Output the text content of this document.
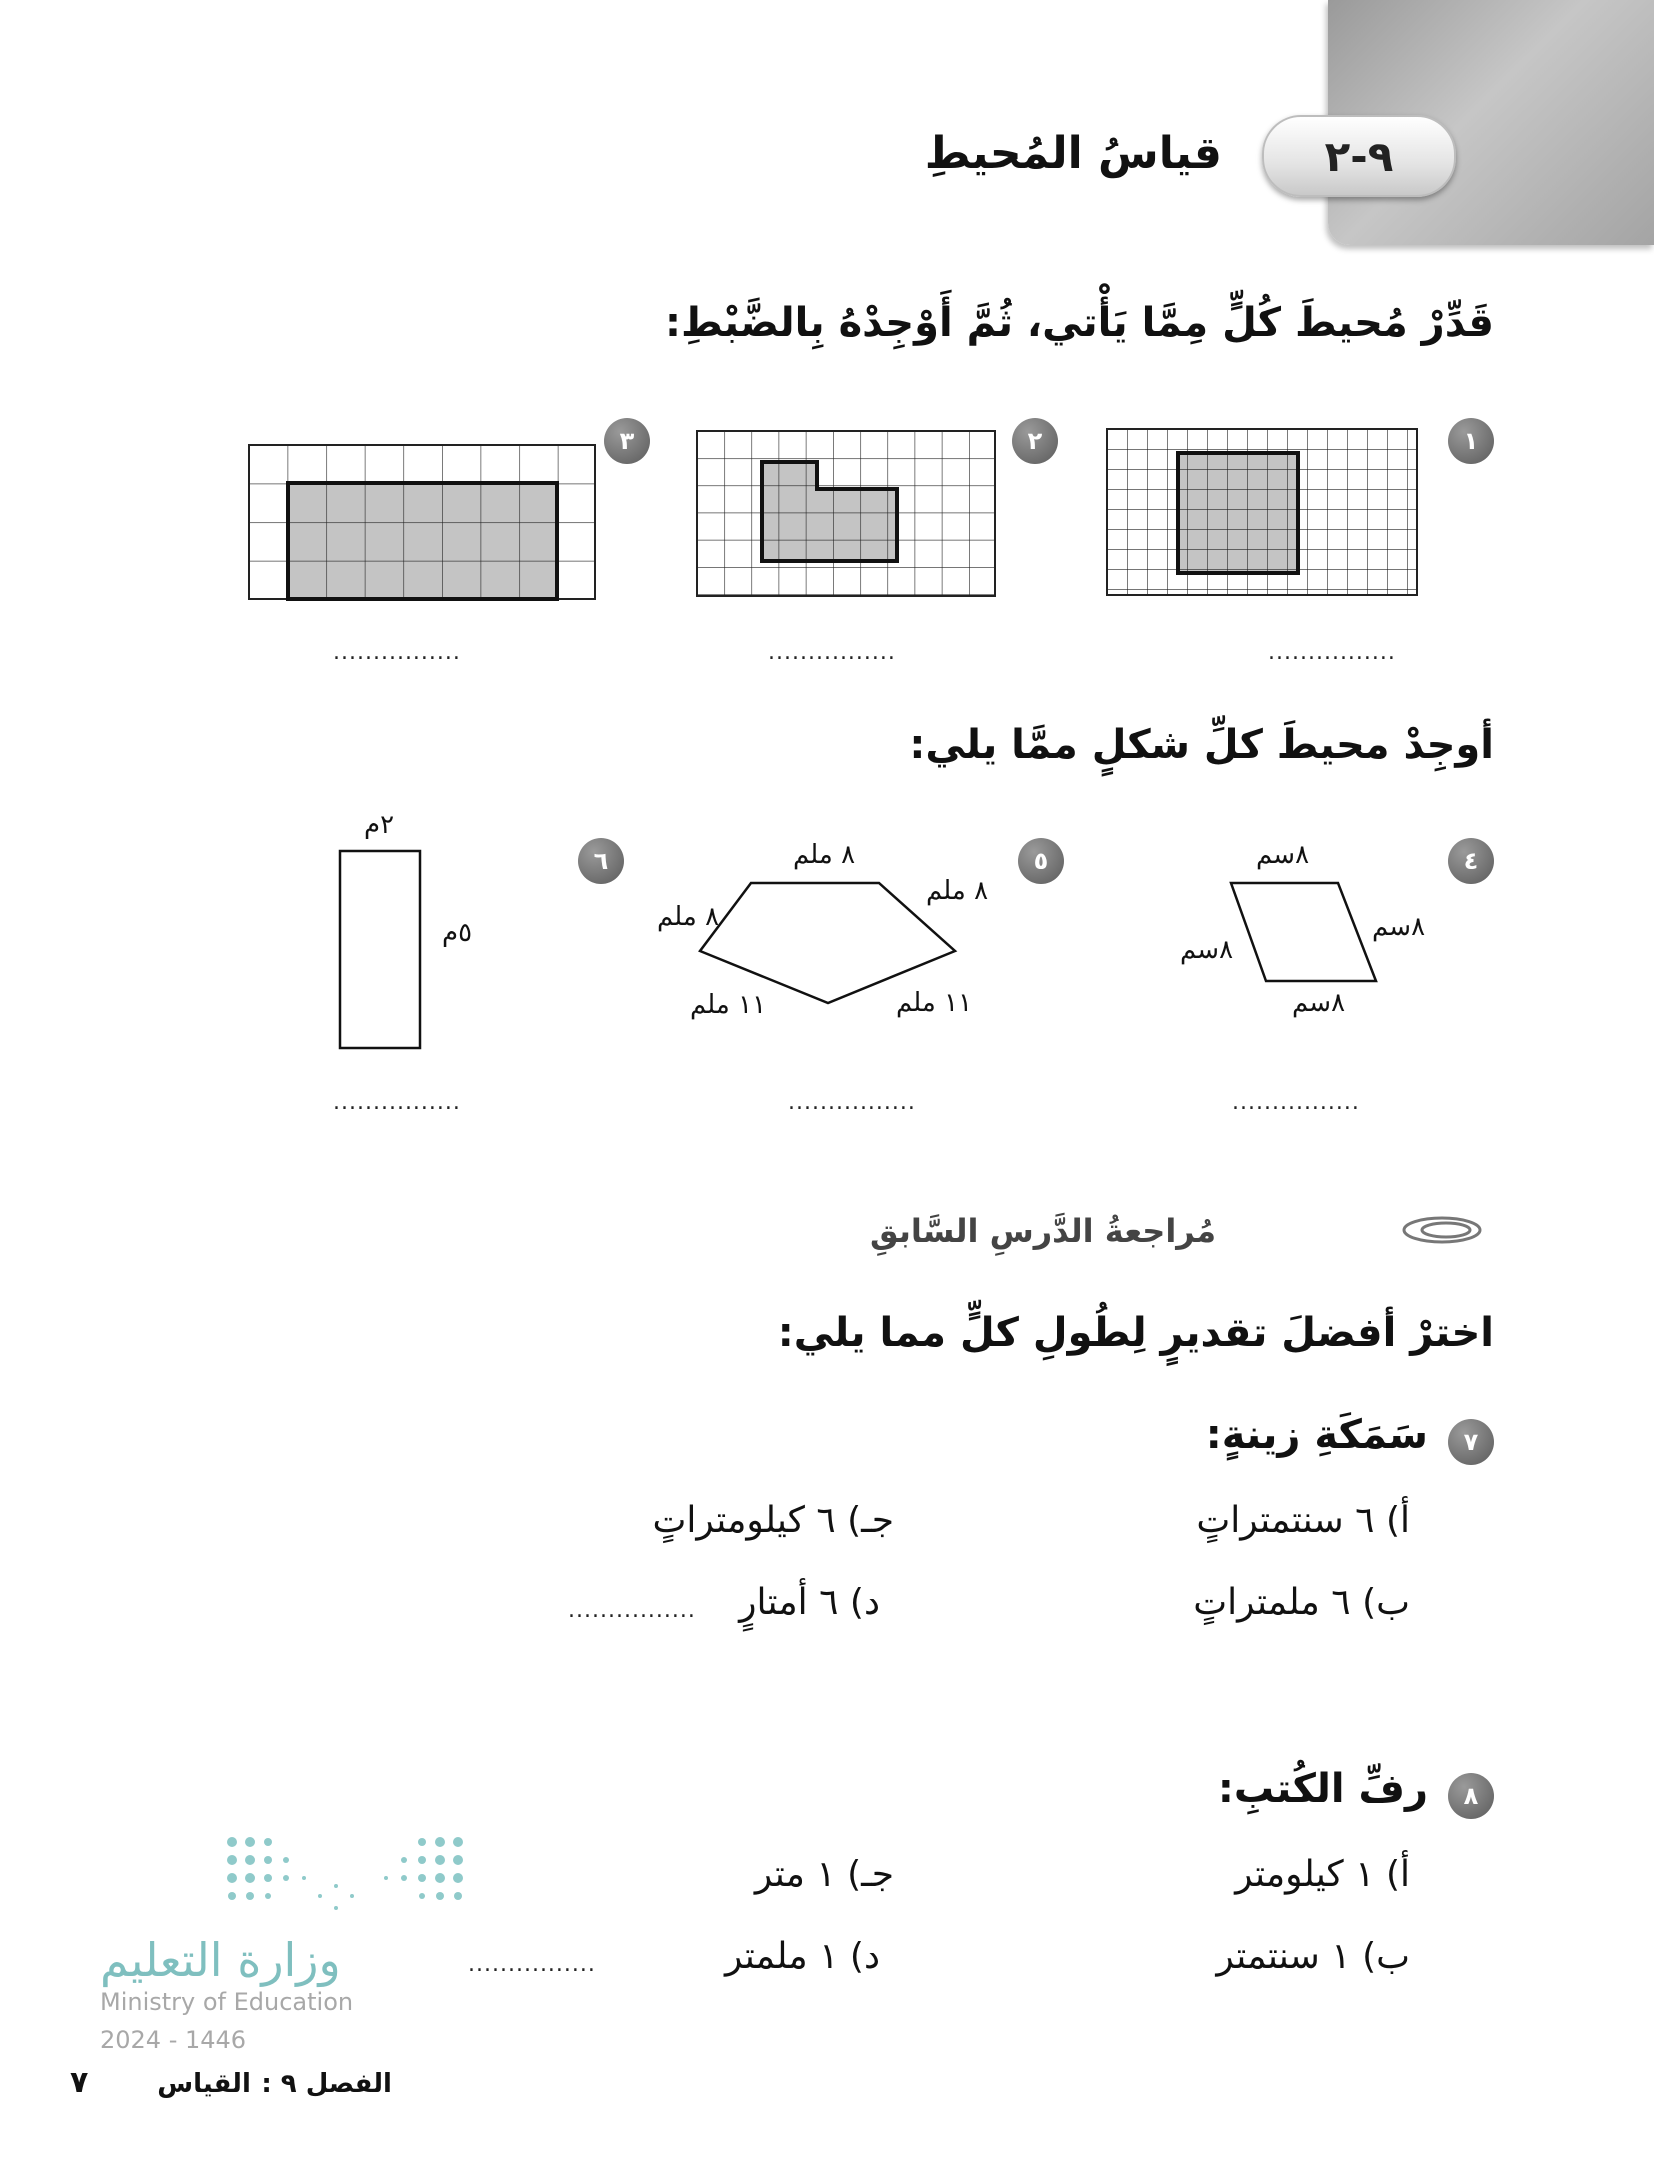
٩-٢
قياسُ المُحيطِ
قَدِّرْ مُحيطَ كُلٍّ مِمَّا يَأْتي، ثُمَّ أَوْجِدْهُ بِالضَّبْطِ:
١
٢
٣
................
................
................
أوجِدْ محيطَ كلِّ شكلٍ ممَّا يلي:
٤
٥
٦	٨سم
٨سم
٨سم
٨سم
٨ ملم
٨ ملم
٨ ملم
١١ ملم
١١ ملم
٢م
٥م
................
................
................
مُراجعةُ الدَّرسِ السَّابقِ
اخترْ أفضلَ تقديرٍ لِطُولِ كلٍّ مما يلي:
٧
سَمَكَةِ زينةٍ:
أ) ٦ سنتمتراتٍ
ب) ٦ ملمتراتٍ
جـ) ٦ كيلومتراتٍ
د) ٦ أمتارٍ
................
٨
رفِّ الكُتبِ:
أ) ١ كيلومتر
ب) ١ سنتمتر
جـ) ١ متر
د) ١ ملمتر
................
وزارة التعليم
Ministry of Education
2024 - 1446
٧	القياس الفصل ٩ :
